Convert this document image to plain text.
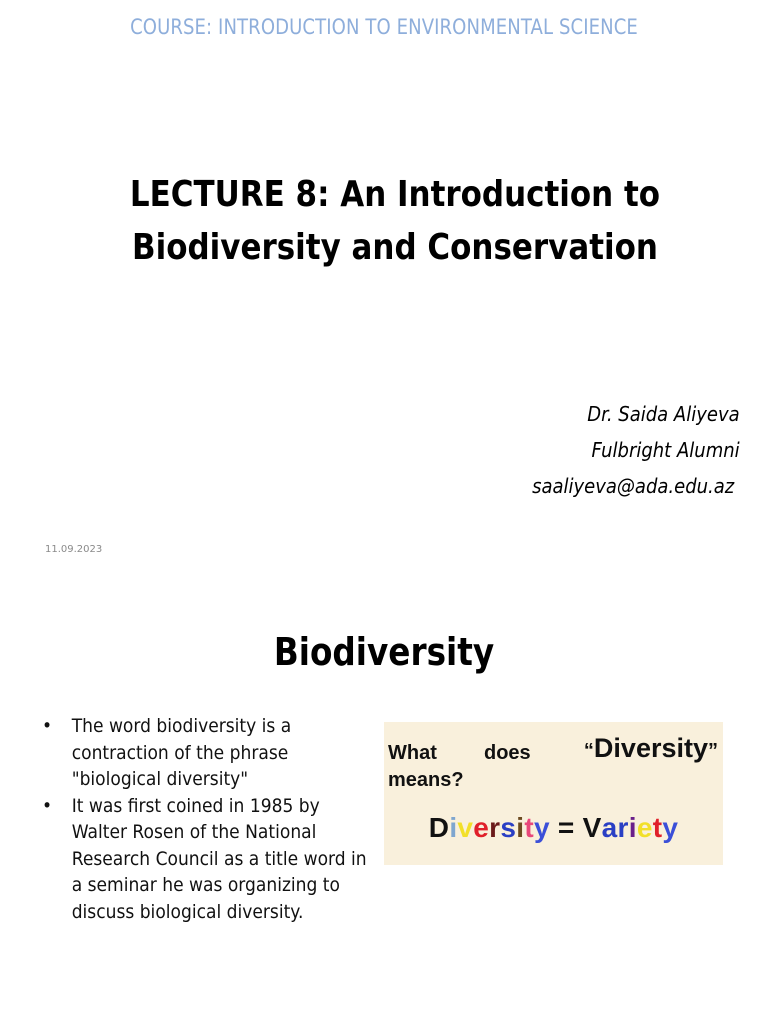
COURSE: INTRODUCTION TO ENVIRONMENTAL SCIENCE
LECTURE 8: An Introduction to
Biodiversity and Conservation
Dr. Saida Aliyeva
Fulbright Alumni
saaliyeva@ada.edu.az
11.09.2023
Biodiversity
• The word biodiversity is a contraction of the phrase "biological diversity"
• It was first coined in 1985 by Walter Rosen of the National Research Council as a title word in a seminar he was organizing to discuss biological diversity.
What does	“Diversity”
means?
Diversity = Variety
